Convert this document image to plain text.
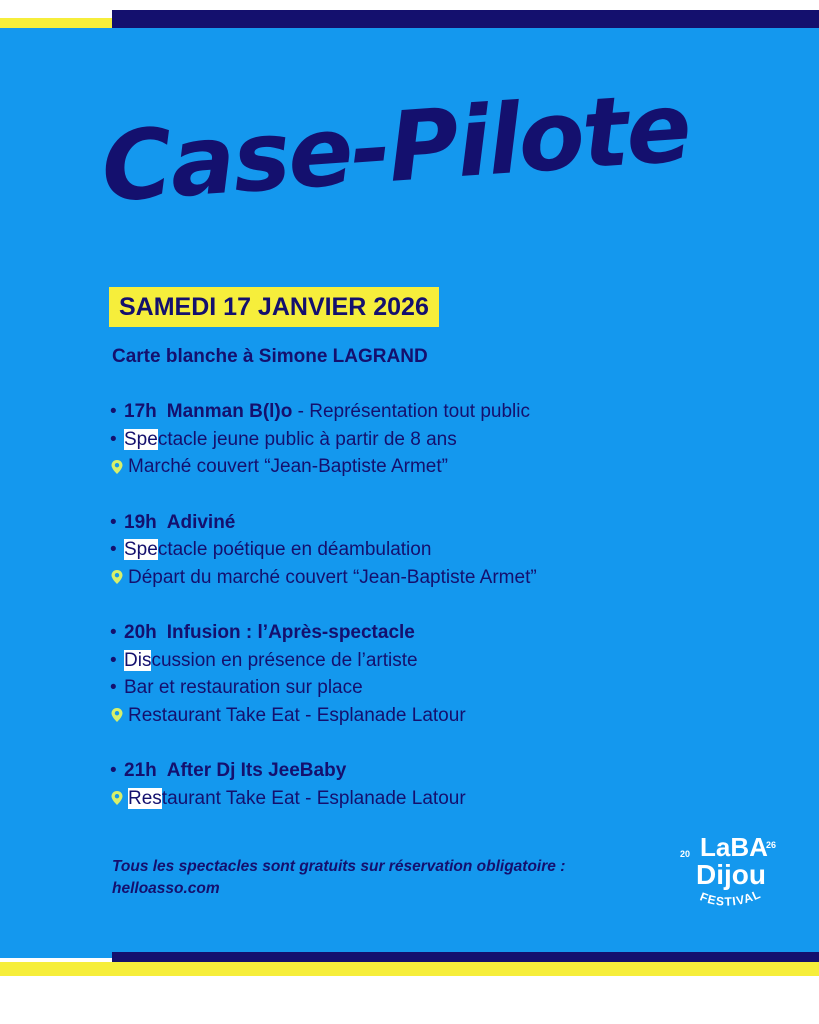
Case-Pilote
SAMEDI 17 JANVIER 2026
Carte blanche à Simone LAGRAND
• 17h Manman B(l)o - Représentation tout public
• Spectacle jeune public à partir de 8 ans
Marché couvert “Jean-Baptiste Armet”
• 19h Adiviné
• Spectacle poétique en déambulation
Départ du marché couvert “Jean-Baptiste Armet”
• 20h Infusion : l’Après-spectacle
• Discussion en présence de l’artiste
• Bar et restauration sur place
Restaurant Take Eat - Esplanade Latour
• 21h After Dj Its JeeBaby
Restaurant Take Eat - Esplanade Latour
Tous les spectacles sont gratuits sur réservation obligatoire :
helloasso.com
20 LaBA
26
Dijou
FESTIVAL
